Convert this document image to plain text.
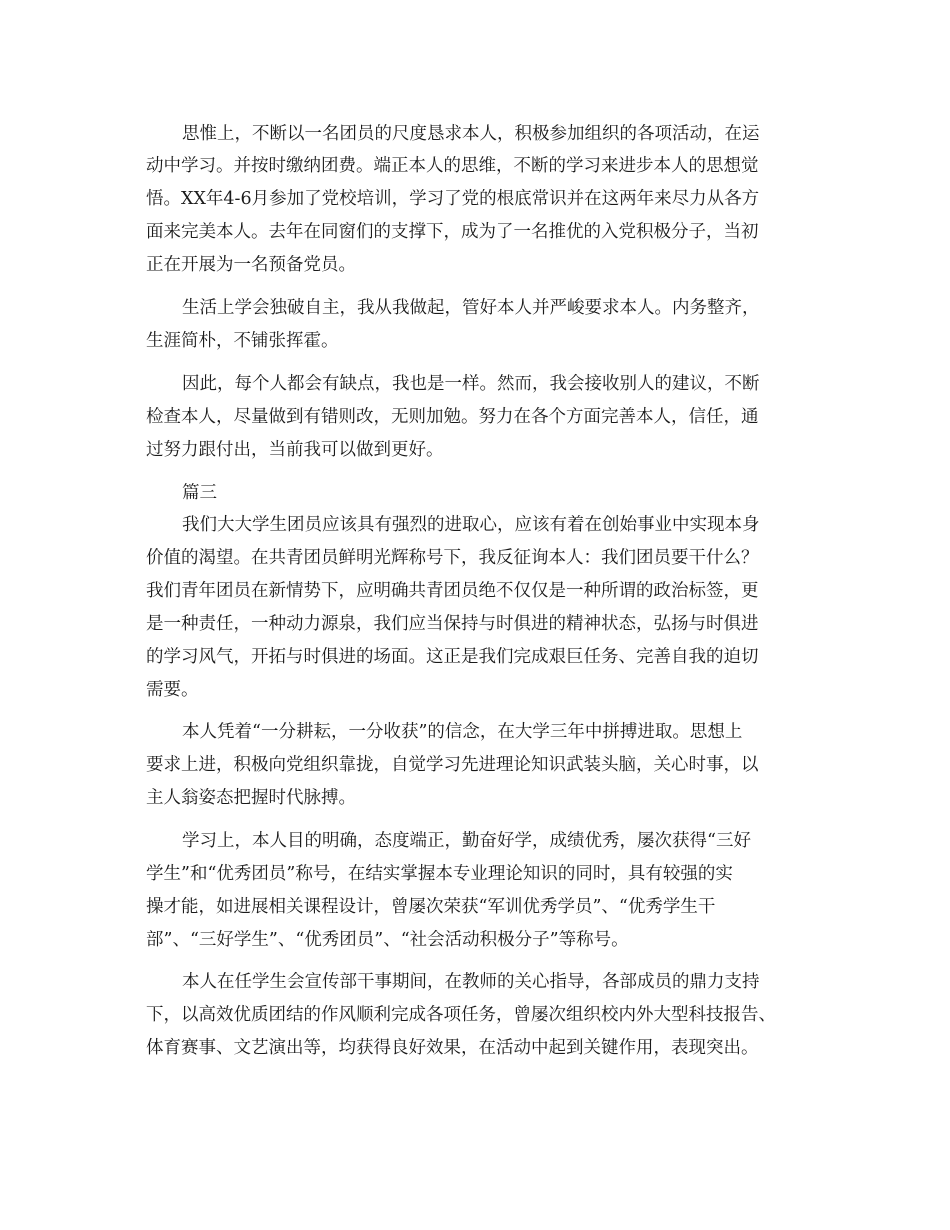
思惟上，不断以一名团员的尺度恳求本人，积极参加组织的各项活动，在运

动中学习。并按时缴纳团费。端正本人的思维，不断的学习来进步本人的思想觉

悟。XX年4-6月参加了党校培训，学习了党的根底常识并在这两年来尽力从各方

面来完美本人。去年在同窗们的支撑下，成为了一名推优的入党积极分子，当初

正在开展为一名预备党员。

生活上学会独破自主，我从我做起，管好本人并严峻要求本人。内务整齐，

生涯简朴，不铺张挥霍。

因此，每个人都会有缺点，我也是一样。然而，我会接收别人的建议，不断

检查本人，尽量做到有错则改，无则加勉。努力在各个方面完善本人，信任，通

过努力跟付出，当前我可以做到更好。

篇三

我们大大学生团员应该具有强烈的进取心，应该有着在创始事业中实现本身

价值的渴望。在共青团员鲜明光辉称号下，我反征询本人：我们团员要干什么？

我们青年团员在新情势下，应明确共青团员绝不仅仅是一种所谓的政治标签，更

是一种责任，一种动力源泉，我们应当保持与时俱进的精神状态，弘扬与时俱进

的学习风气，开拓与时俱进的场面。这正是我们完成艰巨任务、完善自我的迫切

需要。

本人凭着“一分耕耘，一分收获”的信念，在大学三年中拼搏进取。思想上

要求上进，积极向党组织靠拢，自觉学习先进理论知识武装头脑，关心时事，以

主人翁姿态把握时代脉搏。

学习上，本人目的明确，态度端正，勤奋好学，成绩优秀，屡次获得“三好

学生”和“优秀团员”称号，在结实掌握本专业理论知识的同时，具有较强的实

操才能，如进展相关课程设计，曾屡次荣获“军训优秀学员”、“优秀学生干

部”、“三好学生”、“优秀团员”、“社会活动积极分子”等称号。

本人在任学生会宣传部干事期间，在教师的关心指导，各部成员的鼎力支持

下，以高效优质团结的作风顺利完成各项任务，曾屡次组织校内外大型科技报告、

体育赛事、文艺演出等，均获得良好效果，在活动中起到关键作用，表现突出。
